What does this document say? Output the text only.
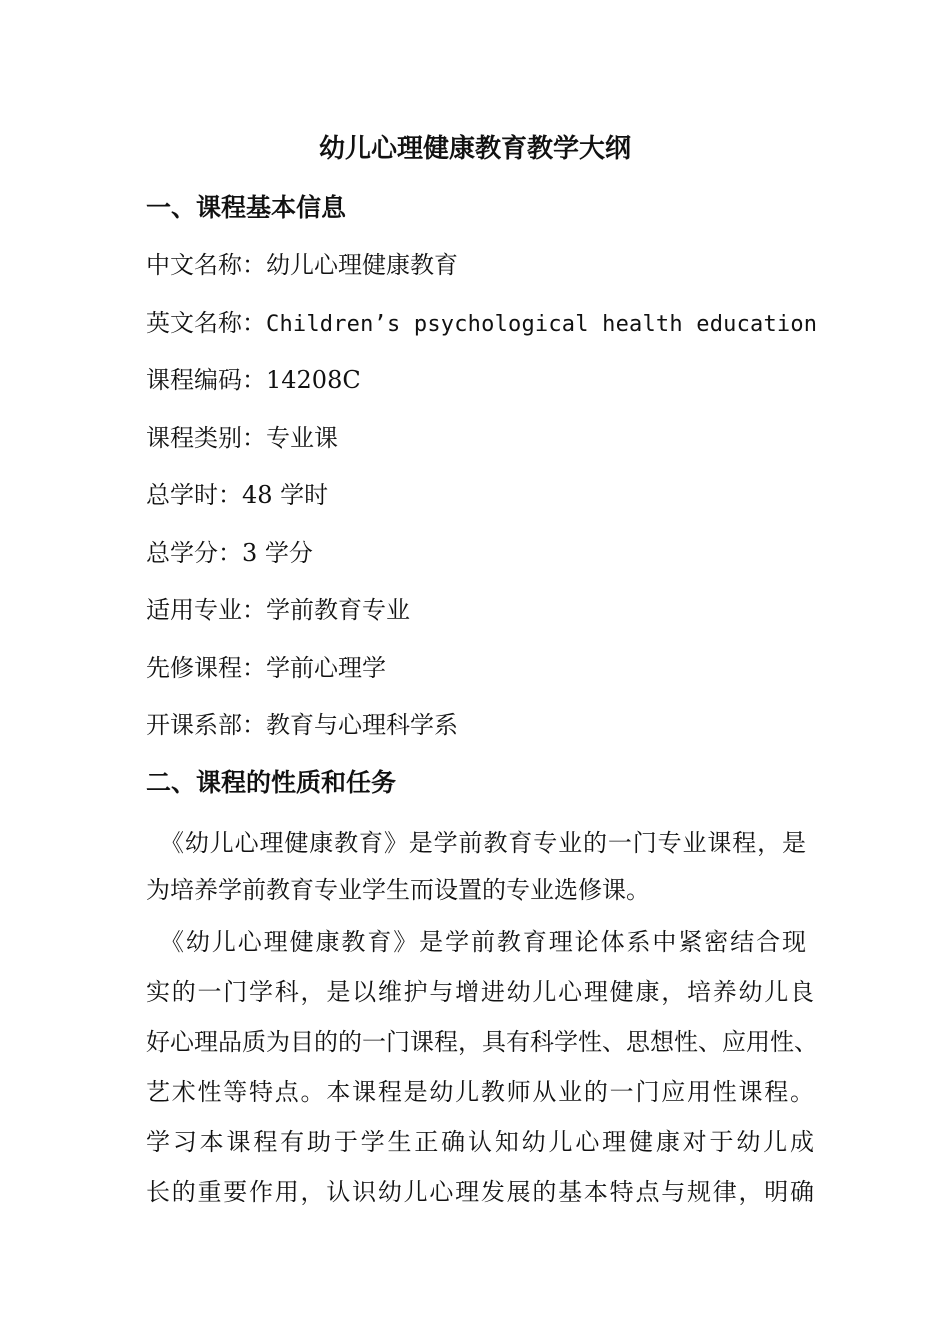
幼儿心理健康教育教学大纲
一、课程基本信息

中文名称：幼儿心理健康教育

英文名称：Children’s psychological health education

课程编码：14208C

课程类别：专业课

总学时：48 学时

总学分：3 学分

适用专业：学前教育专业

先修课程：学前心理学

开课系部：教育与心理科学系

二、课程的性质和任务

《幼儿心理健康教育》是学前教育专业的一门专业课程，是

为培养学前教育专业学生而设置的专业选修课。

《幼儿心理健康教育》是学前教育理论体系中紧密结合现

实的一门学科，是以维护与增进幼儿心理健康，培养幼儿良

好心理品质为目的的一门课程，具有科学性、思想性、应用性、

艺术性等特点。本课程是幼儿教师从业的一门应用性课程。

学习本课程有助于学生正确认知幼儿心理健康对于幼儿成

长的重要作用，认识幼儿心理发展的基本特点与规律，明确
